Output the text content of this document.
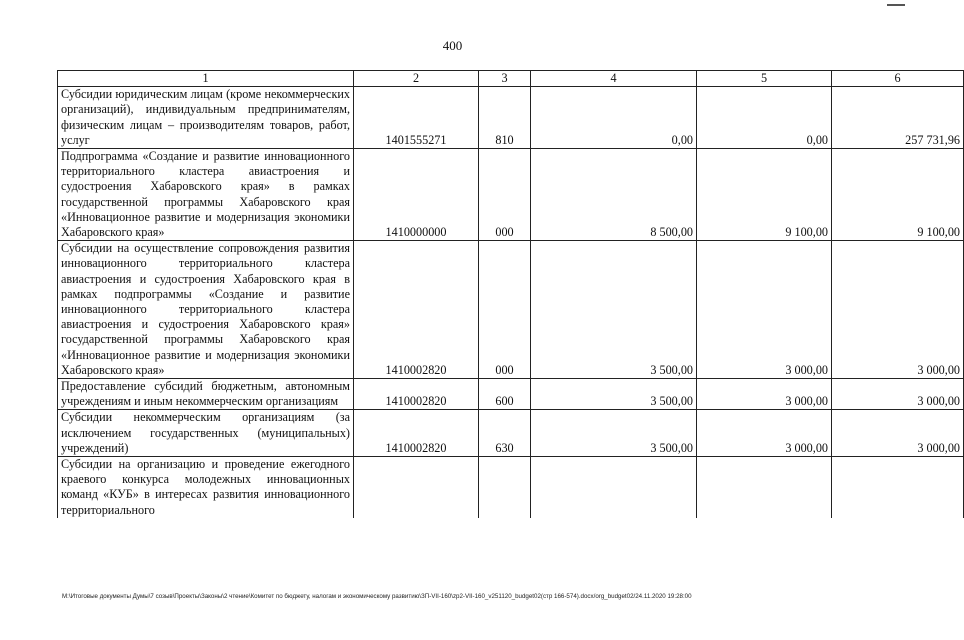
400
1	2	3	4	5	6
Субсидии юридическим лицам (кроме некоммерческих организаций), индивидуальным предпринимателям, физическим лицам – производителям товаров, работ, услуг	1401555271	810	0,00	0,00	257 731,96
Подпрограмма «Создание и развитие инновационного территориального кластера авиастроения и судостроения Хабаровского края» в рамках государственной программы Хабаровского края «Инновационное развитие и модернизация экономики Хабаровского края»	1410000000	000	8 500,00	9 100,00	9 100,00
Субсидии на осуществление сопровождения развития инновационного территориального кластера авиастроения и судостроения Хабаровского края в рамках подпрограммы «Создание и развитие инновационного территориального кластера авиастроения и судостроения Хабаровского края» государственной программы Хабаровского края «Инновационное развитие и модернизация экономики Хабаровского края»	1410002820	000	3 500,00	3 000,00	3 000,00
Предоставление субсидий бюджетным, автономным учреждениям и иным некоммерческим организациям	1410002820	600	3 500,00	3 000,00	3 000,00
Субсидии некоммерческим организациям (за исключением государственных (муниципальных) учреждений)	1410002820	630	3 500,00	3 000,00	3 000,00
Субсидии на организацию и проведение ежегодного краевого конкурса молодежных инновационных команд «КУБ» в интересах развития инновационного территориального					
M:\Итоговые документы Думы\7 созыв\Проекты\Законы\2 чтение\Комитет по бюджету, налогам и экономическому развитию\ЗП-VII-160\zp2-VII-160_v251120_budget02(стр 166-574).docx/org_budget02/24.11.2020 19:28:00
